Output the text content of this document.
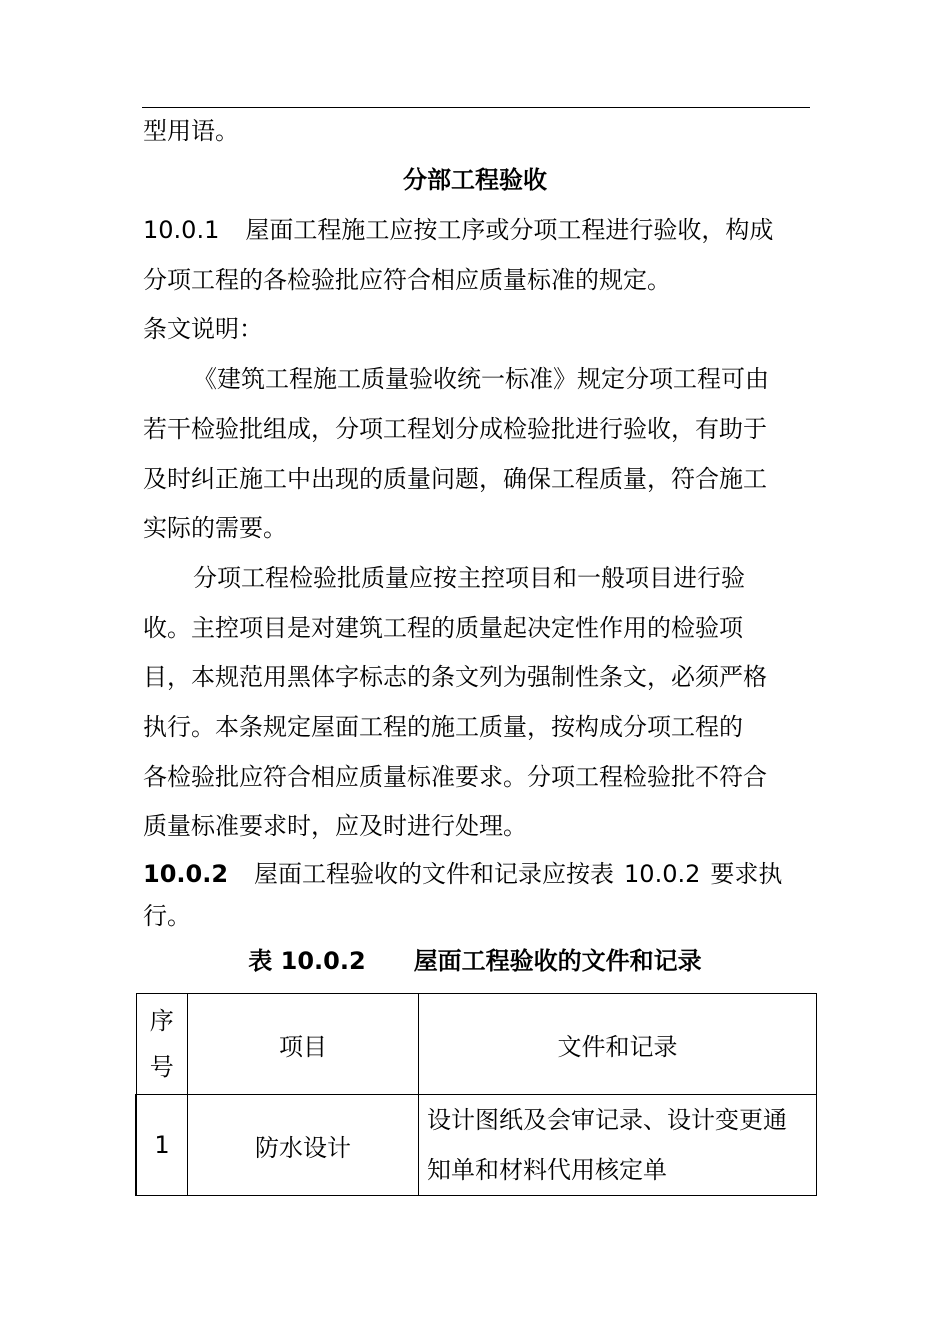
型用语。
分部工程验收
10.0.1 屋面工程施工应按工序或分项工程进行验收，构成
分项工程的各检验批应符合相应质量标准的规定。
条文说明：
《建筑工程施工质量验收统一标准》规定分项工程可由
若干检验批组成，分项工程划分成检验批进行验收，有助于
及时纠正施工中出现的质量问题，确保工程质量，符合施工
实际的需要。
分项工程检验批质量应按主控项目和一般项目进行验
收。主控项目是对建筑工程的质量起决定性作用的检验项
目，本规范用黑体字标志的条文列为强制性条文，必须严格
执行。本条规定屋面工程的施工质量，按构成分项工程的
各检验批应符合相应质量标准要求。分项工程检验批不符合
质量标准要求时，应及时进行处理。
10.0.2 屋面工程验收的文件和记录应按表 10.0.2 要求执
行。
表 10.0.2 屋面工程验收的文件和记录
序
号	项目	文件和记录

1	防水设计	设计图纸及会审记录、设计变更通
知单和材料代用核定单
